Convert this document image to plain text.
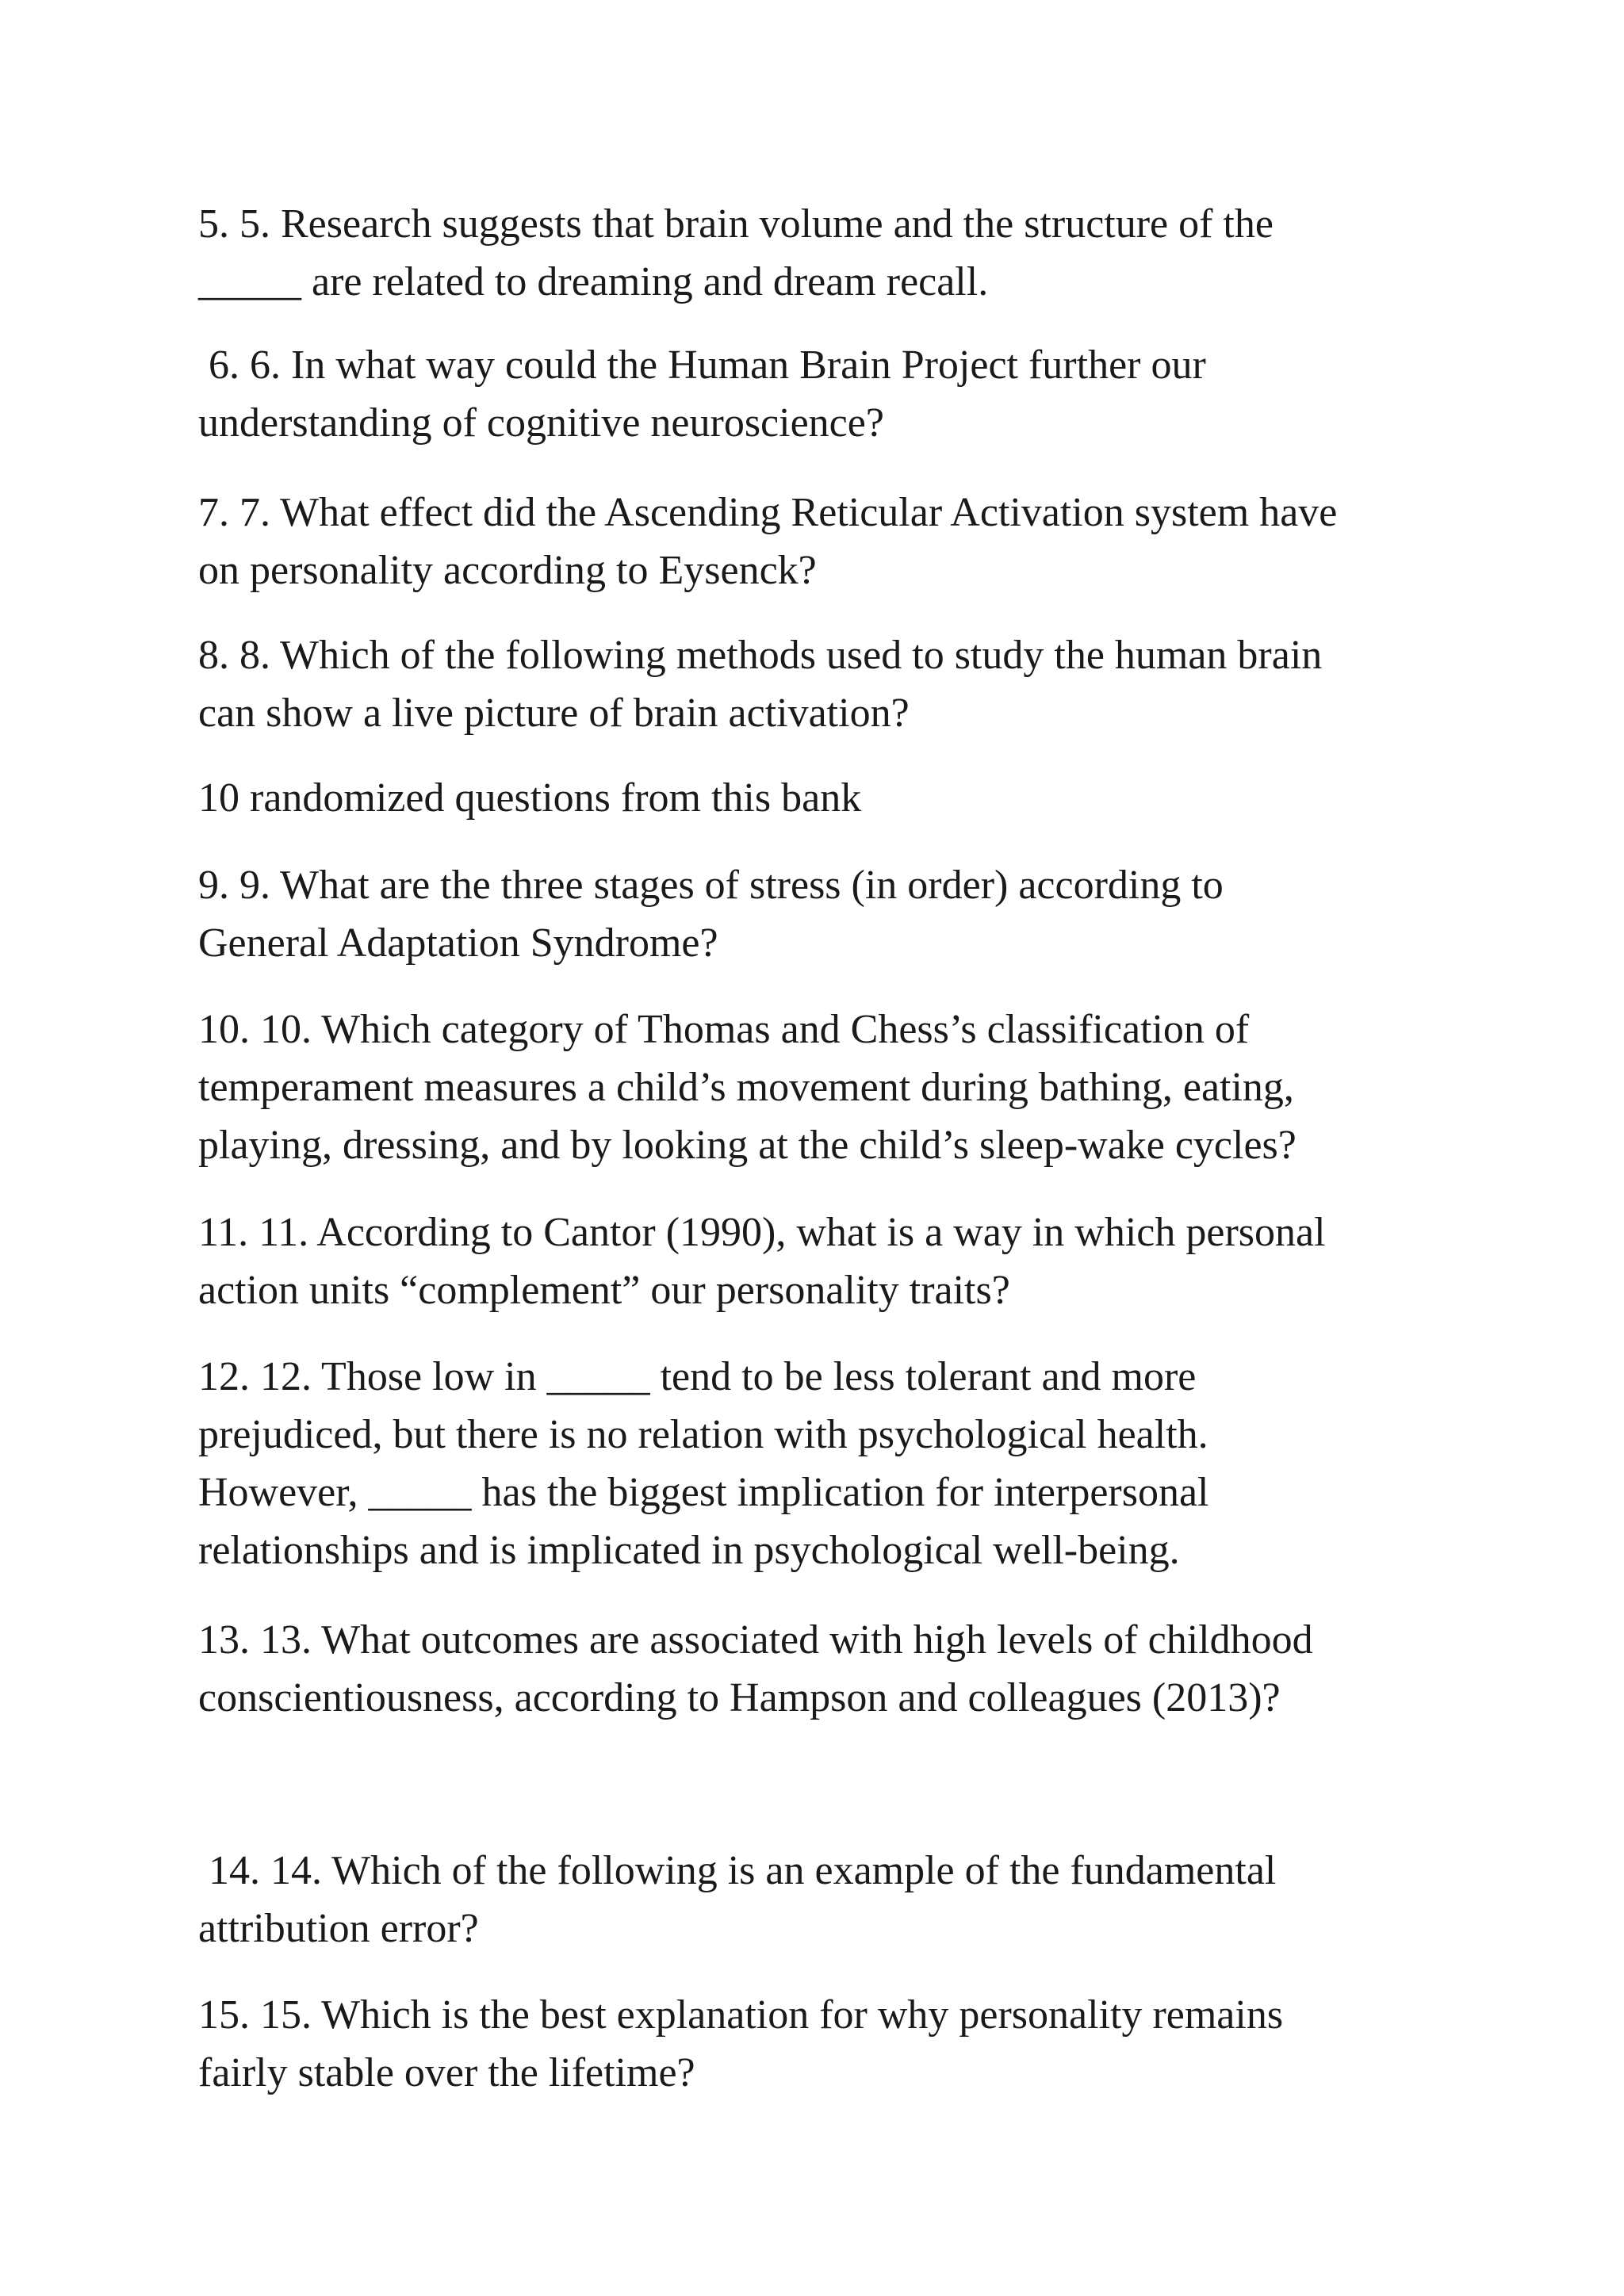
5. 5. Research suggests that brain volume and the structure of the
_____ are related to dreaming and dream recall.
6. 6. In what way could the Human Brain Project further our
understanding of cognitive neuroscience?
7. 7. What effect did the Ascending Reticular Activation system have
on personality according to Eysenck?
8. 8. Which of the following methods used to study the human brain
can show a live picture of brain activation?
10 randomized questions from this bank
9. 9. What are the three stages of stress (in order) according to
General Adaptation Syndrome?
10. 10. Which category of Thomas and Chess’s classification of
temperament measures a child’s movement during bathing, eating,
playing, dressing, and by looking at the child’s sleep-wake cycles?
11. 11. According to Cantor (1990), what is a way in which personal
action units “complement” our personality traits?
12. 12. Those low in _____ tend to be less tolerant and more
prejudiced, but there is no relation with psychological health.
However, _____ has the biggest implication for interpersonal
relationships and is implicated in psychological well-being.
13. 13. What outcomes are associated with high levels of childhood
conscientiousness, according to Hampson and colleagues (2013)?
14. 14. Which of the following is an example of the fundamental
attribution error?
15. 15. Which is the best explanation for why personality remains
fairly stable over the lifetime?
